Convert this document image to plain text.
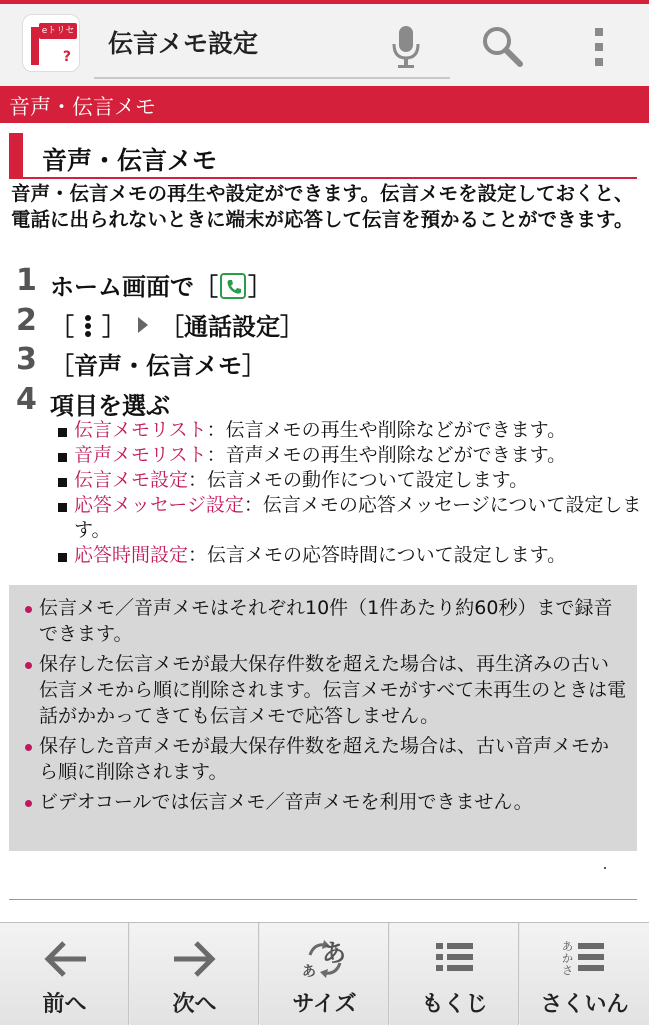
eトリセツ
? 伝言メモ設定
音声・伝言メモ
音声・伝言メモ
音声・伝言メモの再生や設定ができます。伝言メモを設定しておくと、電話に出られないときに端末が応答して伝言を預かることができます。
1 ホーム画面で［ ］
2 ［ ］ ［通話設定］
3 ［音声・伝言メモ］
4 項目を選ぶ
伝言メモリスト：伝言メモの再生や削除などができます。
音声メモリスト：音声メモの再生や削除などができます。
伝言メモ設定：伝言メモの動作について設定します。
応答メッセージ設定：伝言メモの応答メッセージについて設定します。
応答時間設定：伝言メモの応答時間について設定します。
伝言メモ／音声メモはそれぞれ10件（1件あたり約60秒）まで録音できます。
保存した伝言メモが最大保存件数を超えた場合は、再生済みの古い伝言メモから順に削除されます。伝言メモがすべて未再生のときは電話がかかってきても伝言メモで応答しません。
保存した音声メモが最大保存件数を超えた場合は、古い音声メモから順に削除されます。
ビデオコールでは伝言メモ／音声メモを利用できません。
前へ	次へ
あ
あ
サイズ	もくじ
あかさ
さくいん
